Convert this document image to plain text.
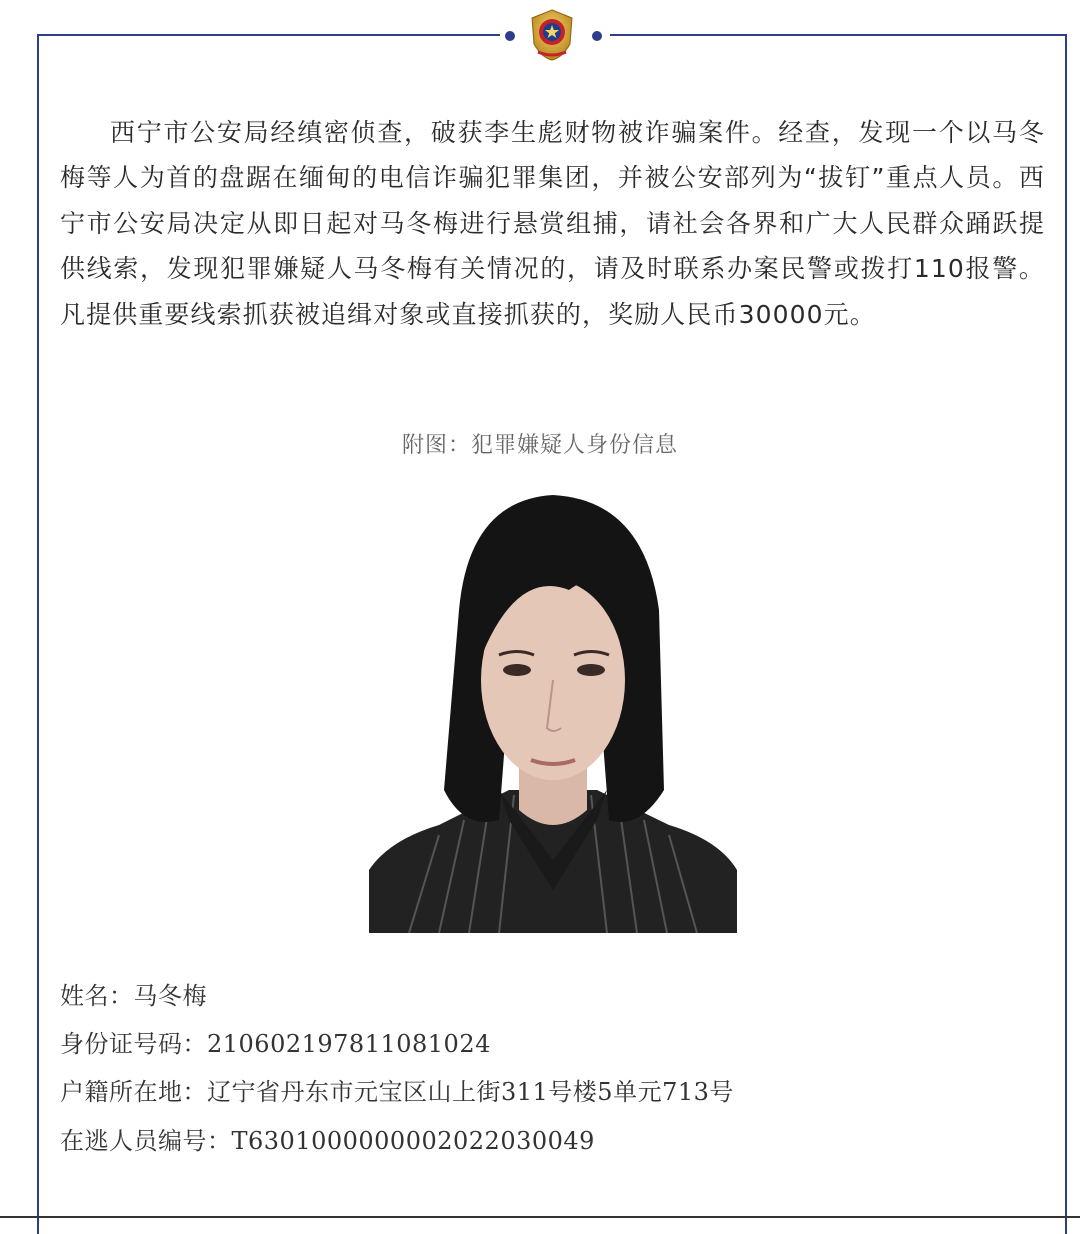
西宁市公安局经缜密侦查，破获李生彪财物被诈骗案件。经查，发现一个以马冬梅等人为首的盘踞在缅甸的电信诈骗犯罪集团，并被公安部列为“拔钉”重点人员。西宁市公安局决定从即日起对马冬梅进行悬赏组捕，请社会各界和广大人民群众踊跃提供线索，发现犯罪嫌疑人马冬梅有关情况的，请及时联系办案民警或拨打110报警。凡提供重要线索抓获被追缉对象或直接抓获的，奖励人民币30000元。

附图：犯罪嫌疑人身份信息
姓名：马冬梅
身份证号码：210602197811081024
户籍所在地：辽宁省丹东市元宝区山上街311号楼5单元713号
在逃人员编号：T6301000000002022030049
